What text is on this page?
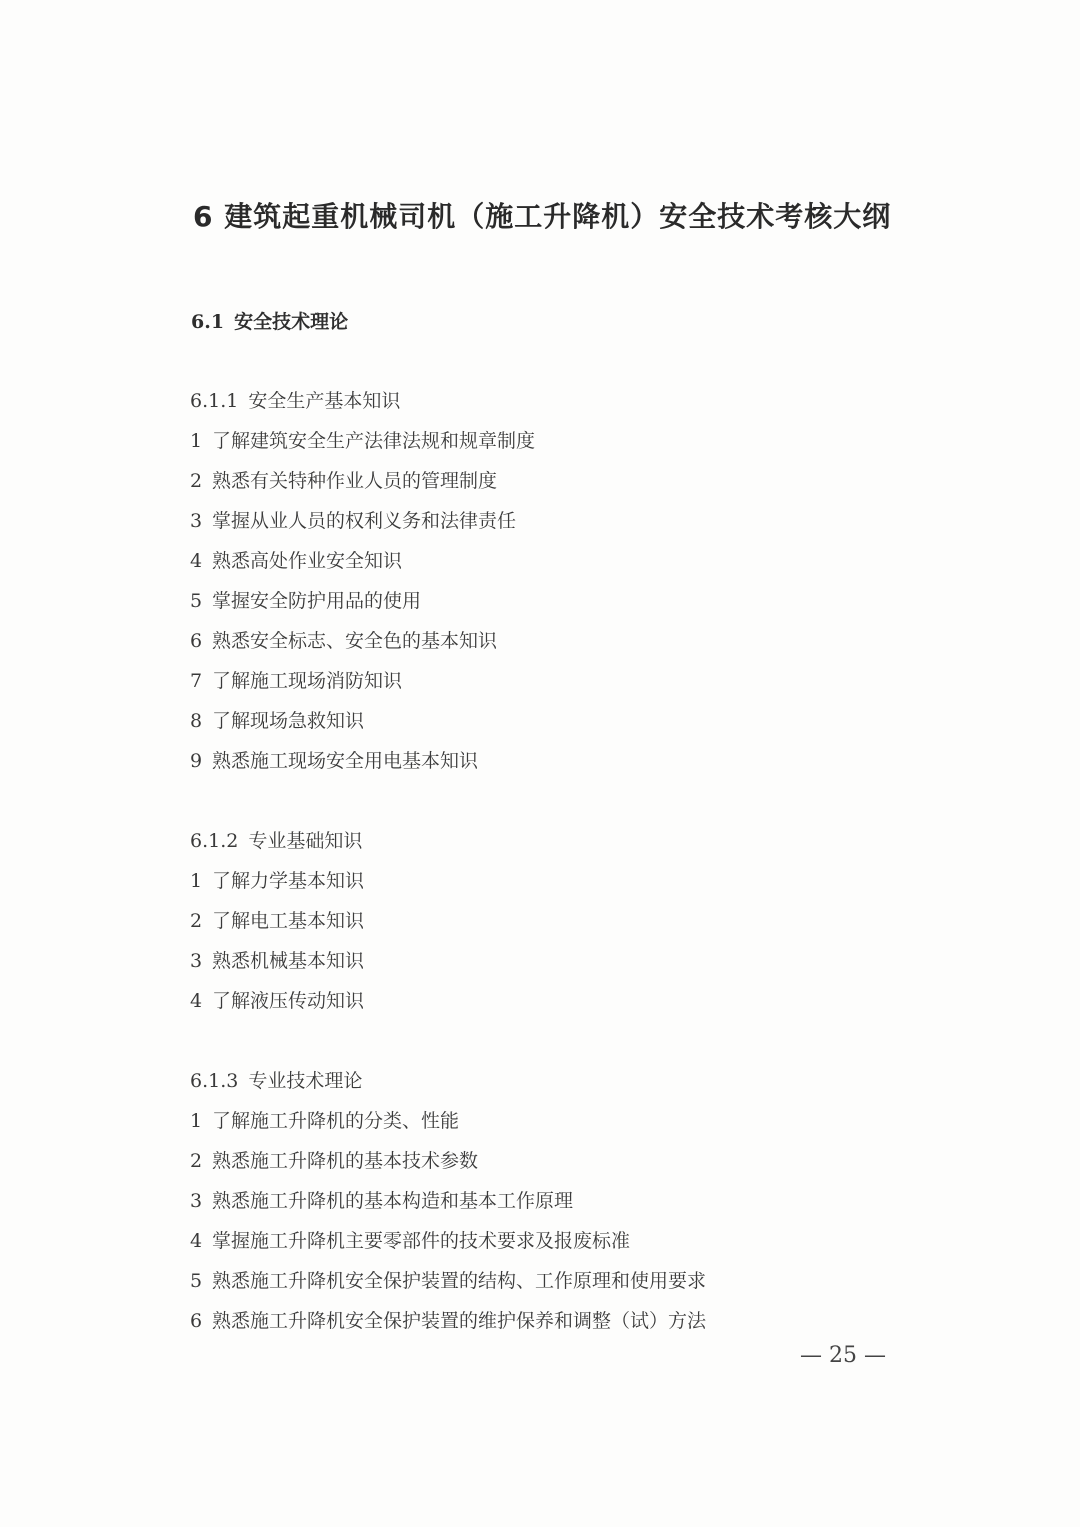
6 建筑起重机械司机（施工升降机）安全技术考核大纲
6.1 安全技术理论
6.1.1 安全生产基本知识
1 了解建筑安全生产法律法规和规章制度
2 熟悉有关特种作业人员的管理制度
3 掌握从业人员的权利义务和法律责任
4 熟悉高处作业安全知识
5 掌握安全防护用品的使用
6 熟悉安全标志、安全色的基本知识
7 了解施工现场消防知识
8 了解现场急救知识
9 熟悉施工现场安全用电基本知识
6.1.2 专业基础知识
1 了解力学基本知识
2 了解电工基本知识
3 熟悉机械基本知识
4 了解液压传动知识
6.1.3 专业技术理论
1 了解施工升降机的分类、性能
2 熟悉施工升降机的基本技术参数
3 熟悉施工升降机的基本构造和基本工作原理
4 掌握施工升降机主要零部件的技术要求及报废标准
5 熟悉施工升降机安全保护装置的结构、工作原理和使用要求
6 熟悉施工升降机安全保护装置的维护保养和调整（试）方法
— 25 —
